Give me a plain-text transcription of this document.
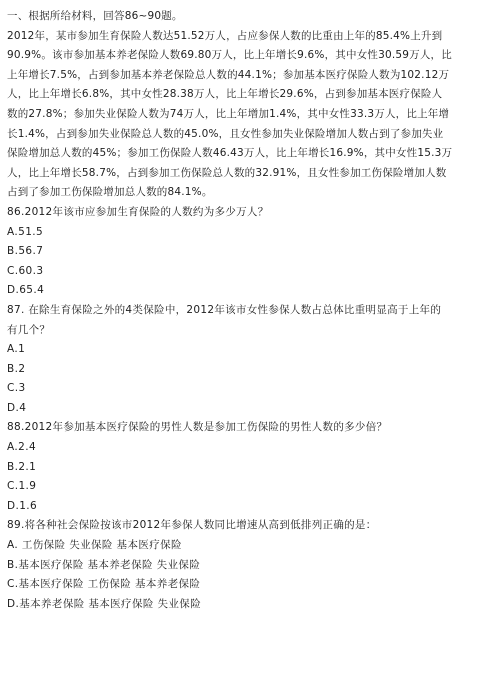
一、根据所给材料，回答86~90题。
2012年，某市参加生育保险人数达51.52万人，占应参保人数的比重由上年的85.4%上升到
90.9%。该市参加基本养老保险人数69.80万人，比上年增长9.6%，其中女性30.59万人，比
上年增长7.5%，占到参加基本养老保险总人数的44.1%；参加基本医疗保险人数为102.12万
人，比上年增长6.8%，其中女性28.38万人，比上年增长29.6%，占到参加基本医疗保险人
数的27.8%；参加失业保险人数为74万人，比上年增加1.4%，其中女性33.3万人，比上年增
长1.4%，占到参加失业保险总人数的45.0%，且女性参加失业保险增加人数占到了参加失业
保险增加总人数的45%；参加工伤保险人数46.43万人，比上年增长16.9%，其中女性15.3万
人，比上年增长58.7%，占到参加工伤保险总人数的32.91%，且女性参加工伤保险增加人数
占到了参加工伤保险增加总人数的84.1%。
86.2012年该市应参加生育保险的人数约为多少万人？
A.51.5
B.56.7
C.60.3
D.65.4
87. 在除生育保险之外的4类保险中，2012年该市女性参保人数占总体比重明显高于上年的
有几个？
A.1
B.2
C.3
D.4
88.2012年参加基本医疗保险的男性人数是参加工伤保险的男性人数的多少倍？
A.2.4
B.2.1
C.1.9
D.1.6
89.将各种社会保险按该市2012年参保人数同比增速从高到低排列正确的是：
A. 工伤保险 失业保险 基本医疗保险
B.基本医疗保险 基本养老保险 失业保险
C.基本医疗保险 工伤保险 基本养老保险
D.基本养老保险 基本医疗保险 失业保险
